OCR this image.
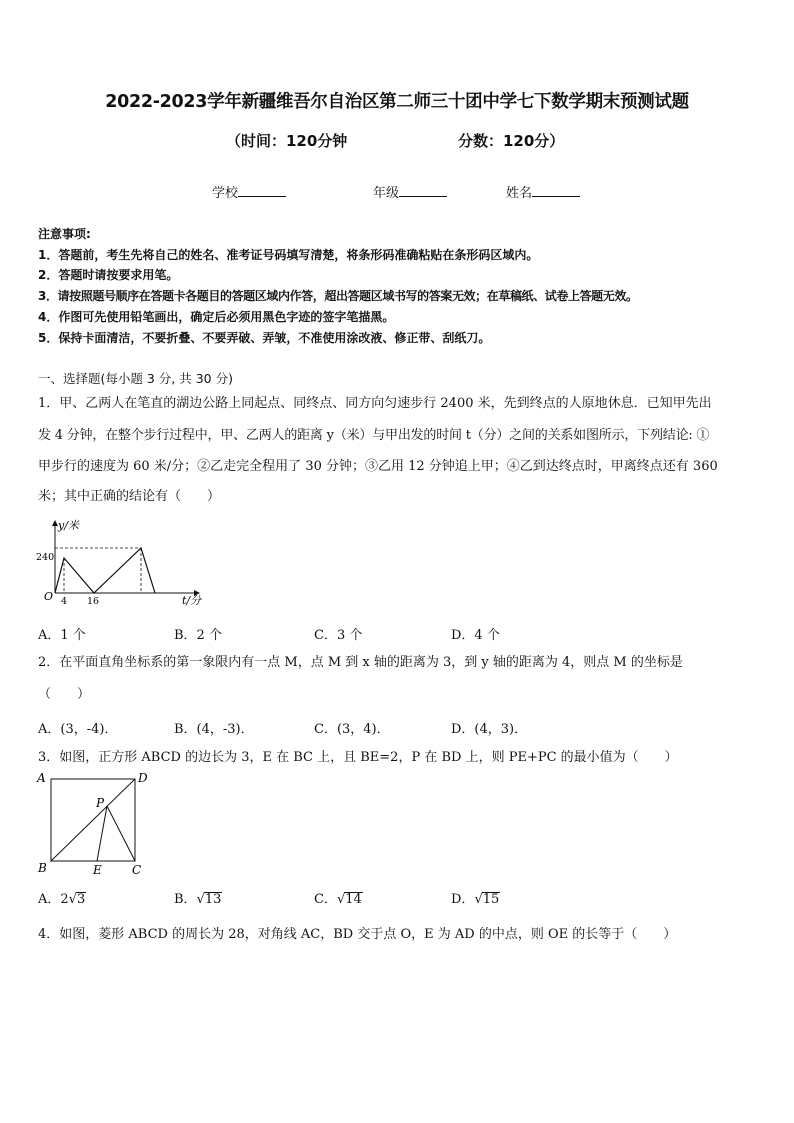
2022-2023学年新疆维吾尔自治区第二师三十团中学七下数学期末预测试题
（时间：120分钟	分数：120分）
学校	年级	姓名
注意事项:
1．答题前，考生先将自己的姓名、准考证号码填写清楚，将条形码准确粘贴在条形码区域内。
2．答题时请按要求用笔。
3．请按照题号顺序在答题卡各题目的答题区域内作答，超出答题区域书写的答案无效；在草稿纸、试卷上答题无效。
4．作图可先使用铅笔画出，确定后必须用黑色字迹的签字笔描黑。
5．保持卡面清洁，不要折叠、不要弄破、弄皱，不准使用涂改液、修正带、刮纸刀。
一、选择题(每小题 3 分, 共 30 分)
1．甲、乙两人在笔直的湖边公路上同起点、同终点、同方向匀速步行 2400 米，先到终点的人原地休息．已知甲先出
发 4 分钟，在整个步行过程中，甲、乙两人的距离 y（米）与甲出发的时间 t（分）之间的关系如图所示，下列结论: ①
甲步行的速度为 60 米/分；②乙走完全程用了 30 分钟；③乙用 12 分钟追上甲；④乙到达终点时，甲离终点还有 360
米；其中正确的结论有（　　）
y/米
t/分
O
240
4 16
A．1 个	B．2 个	C．3 个	D．4 个
2．在平面直角坐标系的第一象限内有一点 M，点 M 到 x 轴的距离为 3，到 y 轴的距离为 4，则点 M 的坐标是
（　　）
A．(3，-4)．	B．(4，-3)．	C．(3，4)．	D．(4，3)．
3．如图，正方形 ABCD 的边长为 3，E 在 BC 上，且 BE=2，P 在 BD 上，则 PE+PC 的最小值为（　　）
A	D
B	C
E
P
A．2√3	B．√13	C．√14	D．√15
4．如图，菱形 ABCD 的周长为 28，对角线 AC，BD 交于点 O，E 为 AD 的中点，则 OE 的长等于（　　）
